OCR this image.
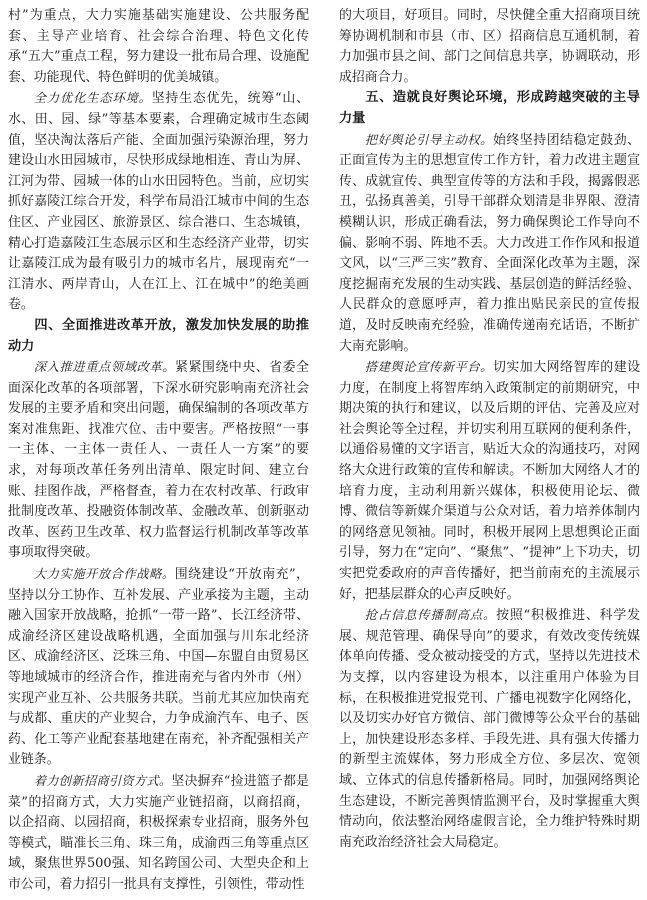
村”为重点，大力实施基础实施建设、公共服务配套、主导产业培育、社会综合治理、特色文化传承“五大”重点工程，努力建设一批布局合理、设施配套、功能现代、特色鲜明的优美城镇。

全力优化生态环境。坚持生态优先，统筹“山、水、田、园、绿”等基本要素，合理确定城市生态阈值，坚决淘汰落后产能、全面加强污染源治理，努力建设山水田园城市，尽快形成绿地相连、青山为屏、江河为带、园城一体的山水田园特色。当前，应切实抓好嘉陵江综合开发，科学布局沿江城市中间的生态住区、产业园区、旅游景区、综合港口、生态城镇，精心打造嘉陵江生态展示区和生态经济产业带，切实让嘉陵江成为最有吸引力的城市名片，展现南充“一江清水、两岸青山，人在江上、江在城中”的绝美画卷。

四、全面推进改革开放，激发加快发展的助推动力

深入推进重点领域改革。紧紧围绕中央、省委全面深化改革的各项部署，下深水研究影响南充济社会发展的主要矛盾和突出问题，确保编制的各项改革方案对准焦距、找准穴位、击中要害。严格按照“一事一主体、一主体一责任人、一责任人一方案”的要求，对每项改革任务列出清单、限定时间、建立台账、挂图作战，严格督查，着力在农村改革、行政审批制度改革、投融资体制改革、金融改革、创新驱动改革、医药卫生改革、权力监督运行机制改革等改革事项取得突破。

大力实施开放合作战略。围绕建设“开放南充”，坚持以分工协作、互补发展、产业承接为主题，主动融入国家开放战略，抢抓“一带一路”、长江经济带、成渝经济区建设战略机遇，全面加强与川东北经济区、成渝经济区、泛珠三角、中国—东盟自由贸易区等地域城市的经济合作，推进南充与省内外市（州）实现产业互补、公共服务共联。当前尤其应加快南充与成都、重庆的产业契合，力争成渝汽车、电子、医药、化工等产业配套基地建在南充，补齐配强相关产业链条。

着力创新招商引资方式。坚决摒弃“捡进篮子都是菜”的招商方式，大力实施产业链招商，以商招商，以企招商、以园招商，积极探索专业招商，服务外包等模式，瞄准长三角、珠三角，成渝西三角等重点区域，聚焦世界500强、知名跨国公司、大型央企和上市公司，着力招引一批具有支撑性，引领性，带动性

的大项目，好项目。同时，尽快健全重大招商项目统筹协调机制和市县（市、区）招商信息互通机制，着力加强市县之间、部门之间信息共享，协调联动，形成招商合力。

五、造就良好舆论环境，形成跨越突破的主导力量

把好舆论引导主动权。始终坚持团结稳定鼓劲、正面宣传为主的思想宣传工作方针，着力改进主题宣传、成就宣传、典型宣传等的方法和手段，揭露假恶丑，弘扬真善美，引导干部群众划清是非界限、澄清模糊认识，形成正确看法，努力确保舆论工作导向不偏、影响不弱、阵地不丢。大力改进工作作风和报道文风，以“三严三实”教育、全面深化改革为主题，深度挖掘南充发展的生动实践、基层创造的鲜活经验、人民群众的意愿呼声，着力推出贴民亲民的宣传报道，及时反映南充经验，准确传递南充话语，不断扩大南充影响。

搭建舆论宣传新平台。切实加大网络智库的建设力度，在制度上将智库纳入政策制定的前期研究，中期决策的执行和建议，以及后期的评估、完善及应对社会舆论等全过程，并切实利用互联网的便利条件，以通俗易懂的文字语言，贴近大众的沟通技巧，对网络大众进行政策的宣传和解读。不断加大网络人才的培育力度，主动利用新兴媒体，积极使用论坛、微博、微信等新媒介渠道与公众对话，着力培养体制内的网络意见领袖。同时，积极开展网上思想舆论正面引导，努力在“定向”、“聚焦”、“提神”上下功夫，切实把党委政府的声音传播好，把当前南充的主流展示好，把基层群众的心声反映好。

抢占信息传播制高点。按照“积极推进、科学发展、规范管理、确保导向”的要求，有效改变传统媒体单向传播、受众被动接受的方式，坚持以先进技术为支撑，以内容建设为根本，以注重用户体验为目标，在积极推进党报党刊、广播电视数字化网络化，以及切实办好官方微信、部门微博等公众平台的基础上，加快建设形态多样、手段先进、具有强大传播力的新型主流媒体，努力形成全方位、多层次、宽领域、立体式的信息传播新格局。同时，加强网络舆论生态建设，不断完善舆情监测平台，及时掌握重大舆情动向，依法整治网络虚假言论，全力维护特殊时期南充政治经济社会大局稳定。
